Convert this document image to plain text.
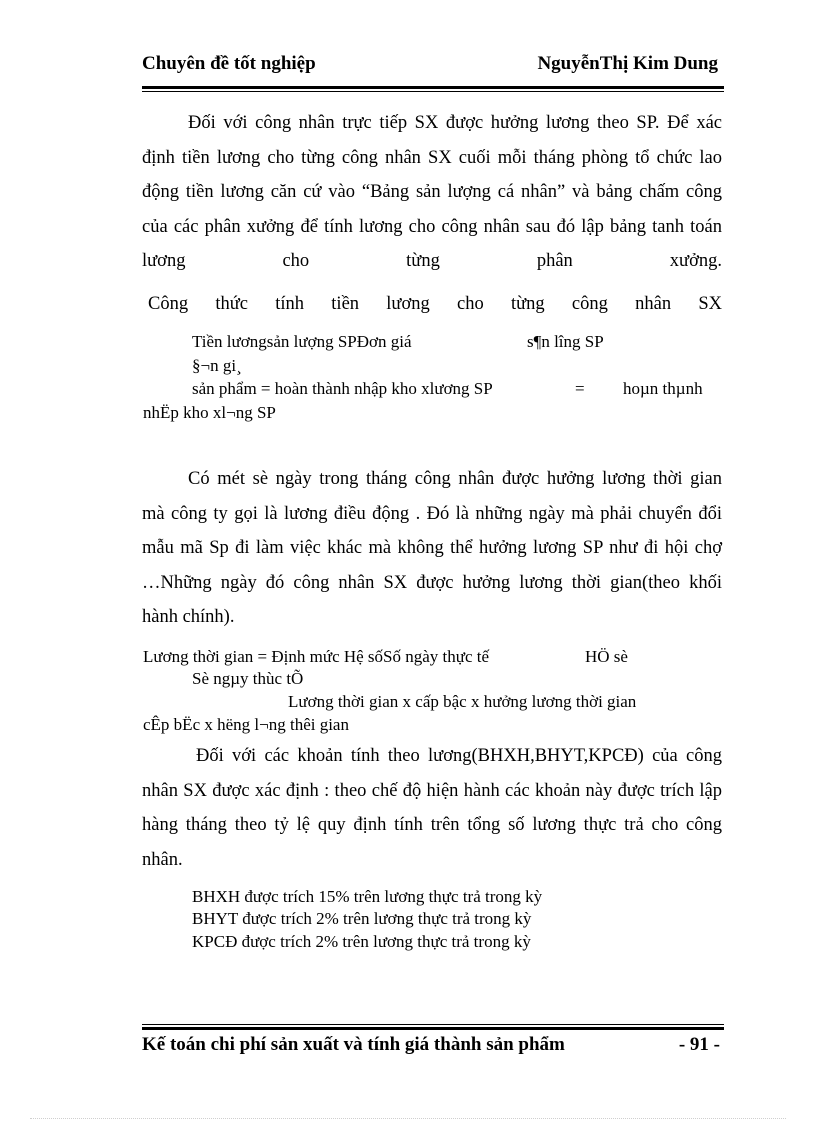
Chuyên đề tốt nghiệp	NguyễnThị Kim Dung
Đối với công nhân trực tiếp SX được hưởng lương theo SP. Để xác
định tiền lương cho từng công nhân SX cuối mỗi tháng phòng tổ chức lao
động tiền lương căn cứ vào “Bảng sản lượng cá nhân” và bảng chấm công
của các phân xưởng để tính lương cho công nhân sau đó lập bảng tanh toán
lương cho từng phân xưởng.
Công thức tính tiền lương cho từng công nhân SX
Tiền lươngsản lượng SPĐơn giá	s¶n lîng SP
§¬n gi¸
sản phẩm = hoàn thành nhập kho xlương SP	= hoµn thµnh
nhËp kho xl¬ng SP
Có mét sè ngày trong tháng công nhân được hưởng lương thời gian
mà công ty gọi là lương điều động . Đó là những ngày mà phải chuyển đổi
mẫu mã Sp đi làm việc khác mà không thể hưởng lương SP như đi hội chợ
…Những ngày đó công nhân SX được hưởng lương thời gian(theo khối
hành chính).
Lương thời gian = Định mức Hệ sốSố ngày thực tế	HÖ sè
Sè ngµy thùc tÕ
Lương thời gian x cấp bậc x hưởng lương thời gian
cÊp bËc x hëng l¬ng thêi gian
Đối với các khoản tính theo lương(BHXH,BHYT,KPCĐ) của công
nhân SX được xác định : theo chế độ hiện hành các khoản này được trích lập
hàng tháng theo tỷ lệ quy định tính trên tổng số lương thực trả cho công
nhân.
BHXH được trích 15% trên lương thực trả trong kỳ
BHYT được trích 2% trên lương thực trả trong kỳ
KPCĐ được trích 2% trên lương thực trả trong kỳ
Kế toán chi phí sản xuất và tính giá thành sản phẩm	- 91 -
